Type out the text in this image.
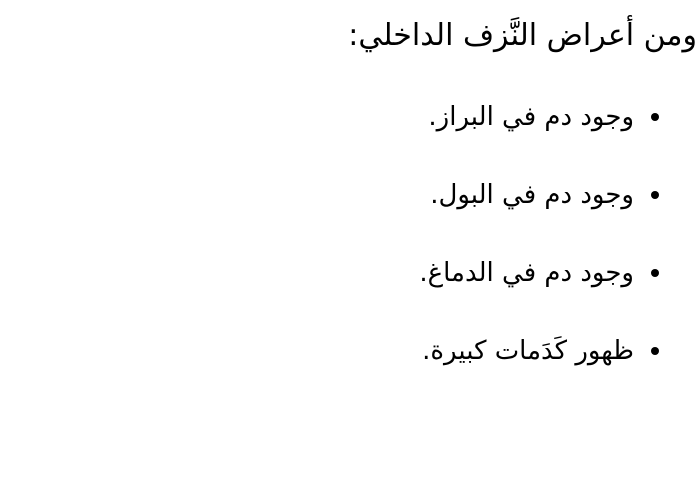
ومن أعراض النَّزف الداخلي:
وجود دم في البراز.
وجود دم في البول.
وجود دم في الدماغ.
ظهور كَدَمات كبيرة.
